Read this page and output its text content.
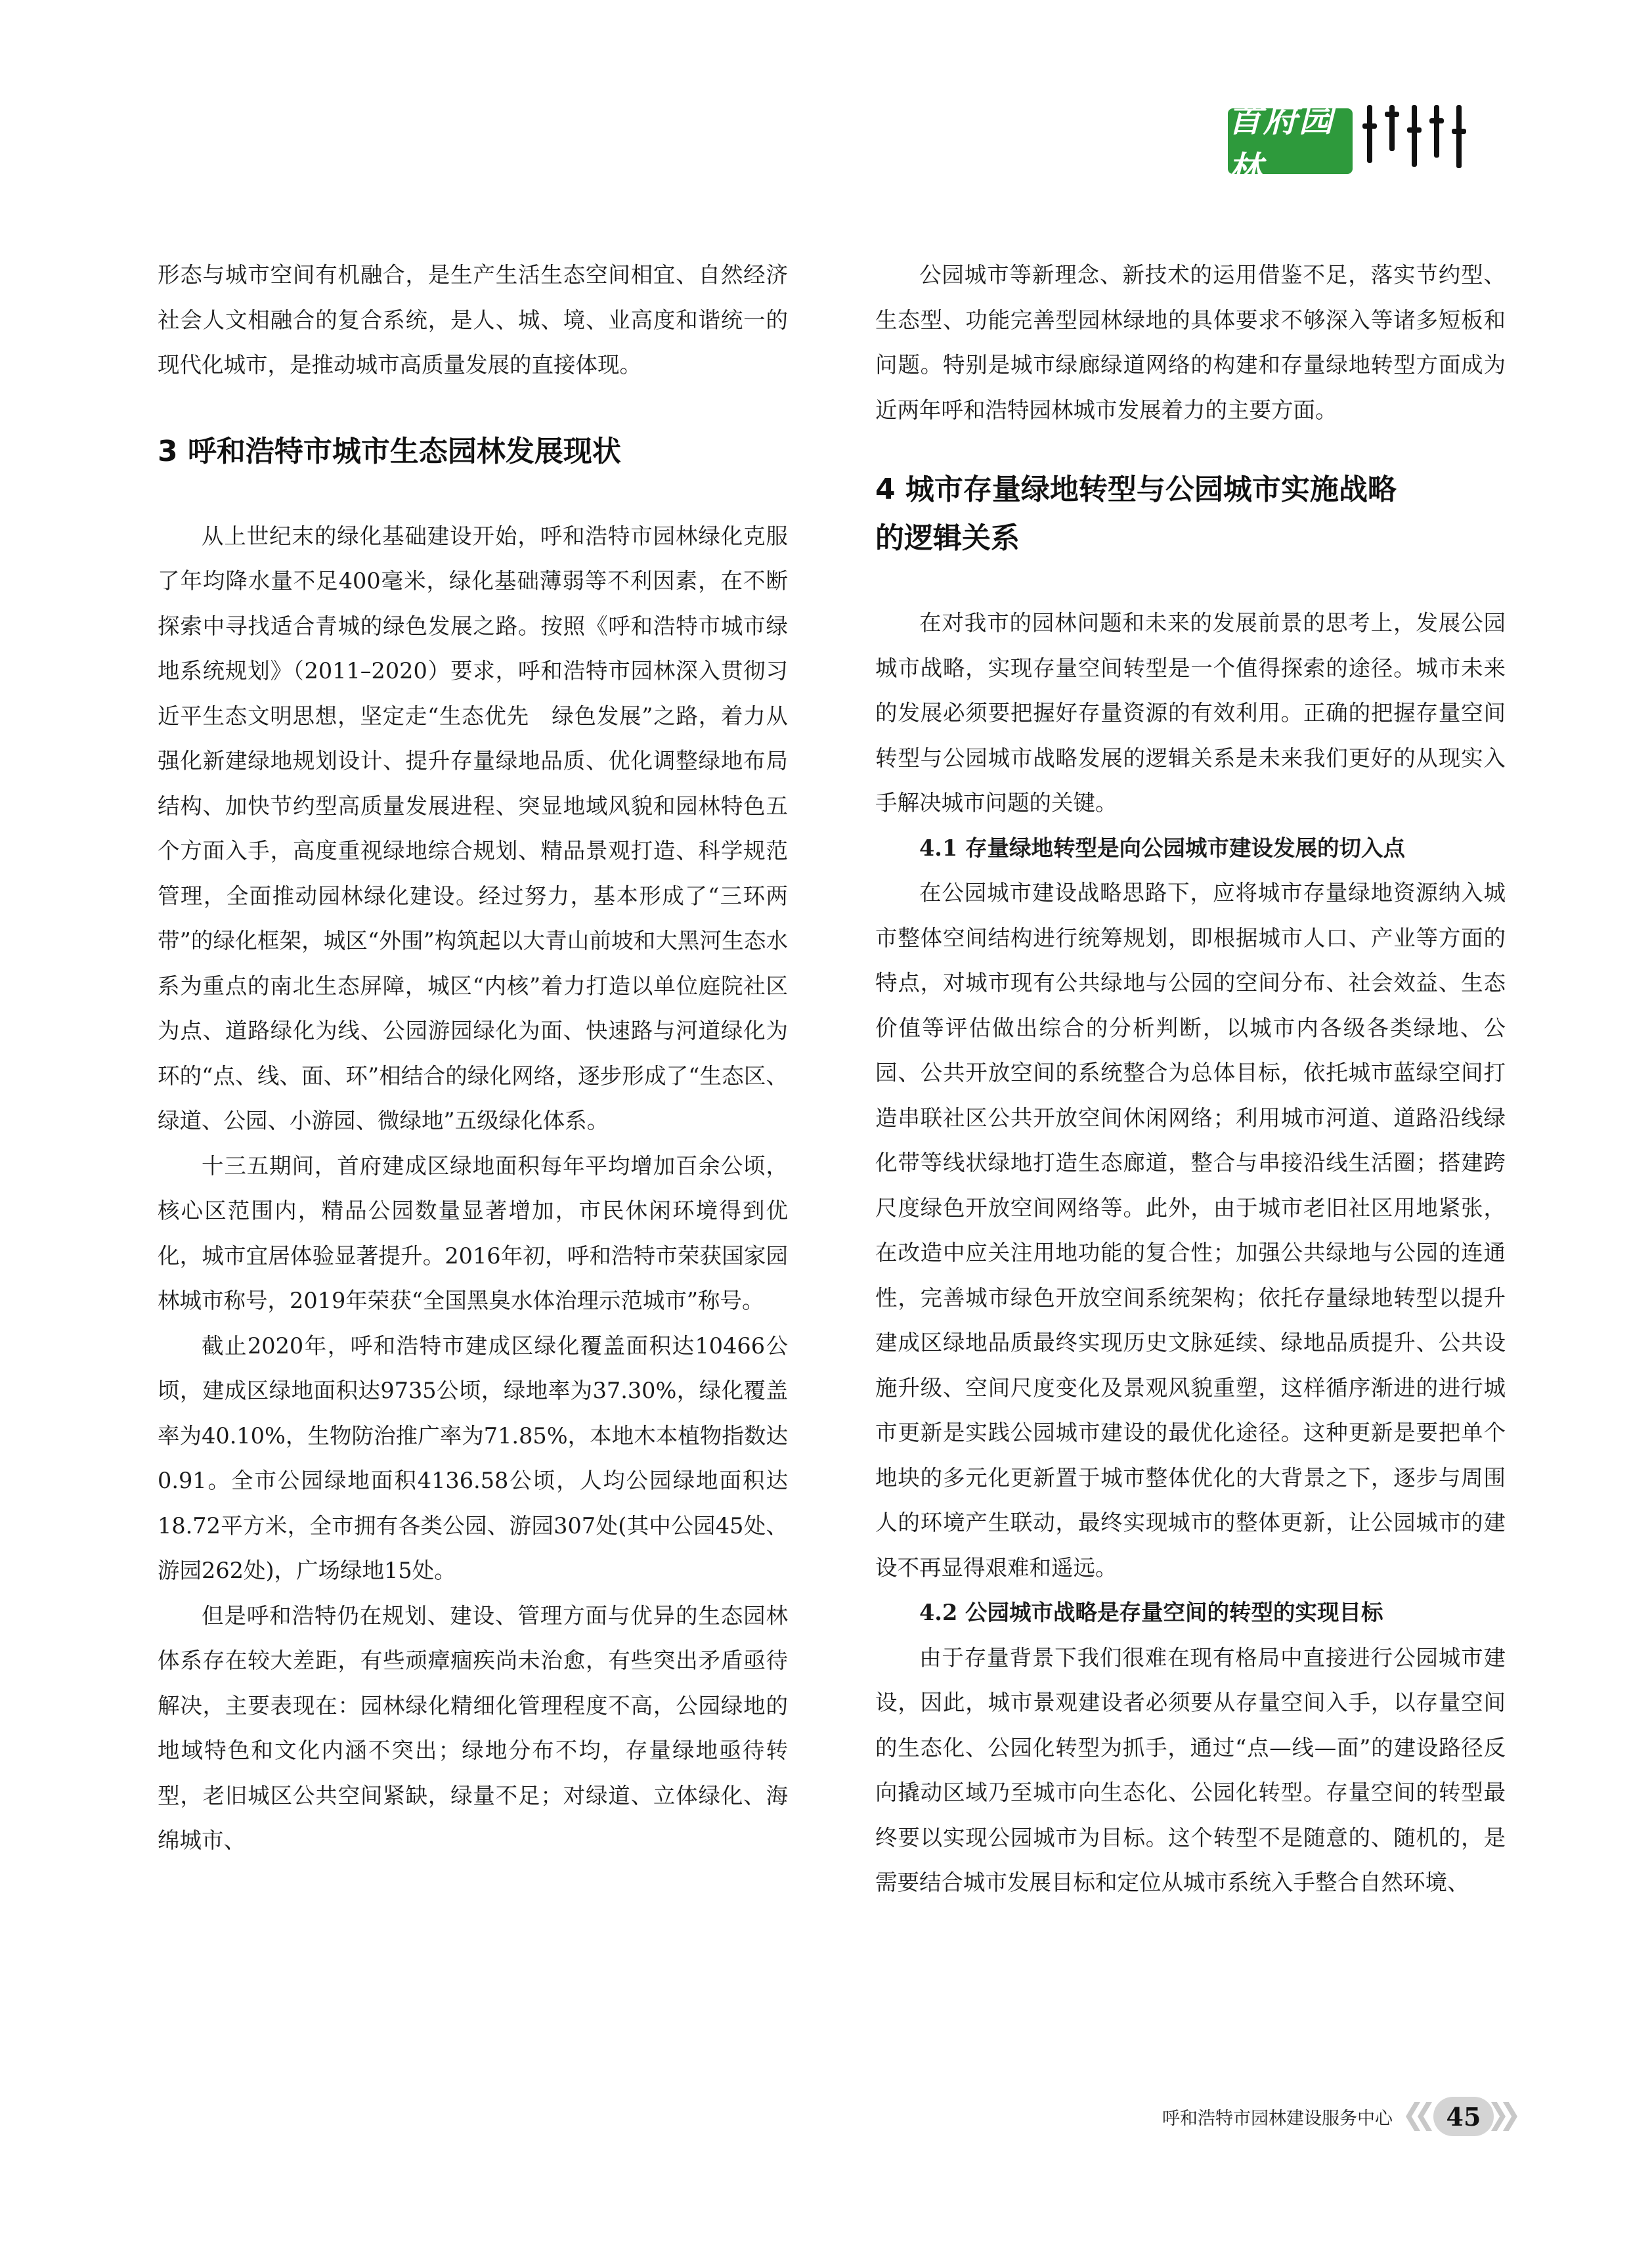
首府园林

形态与城市空间有机融合，是生产生活生态空间相宜、自然经济社会人文相融合的复合系统，是人、城、境、业高度和谐统一的现代化城市，是推动城市高质量发展的直接体现。

3 呼和浩特市城市生态园林发展现状

从上世纪末的绿化基础建设开始，呼和浩特市园林绿化克服了年均降水量不足400毫米，绿化基础薄弱等不利因素，在不断探索中寻找适合青城的绿色发展之路。按照《呼和浩特市城市绿地系统规划》（2011–2020）要求，呼和浩特市园林深入贯彻习近平生态文明思想，坚定走“生态优先　绿色发展”之路，着力从强化新建绿地规划设计、提升存量绿地品质、优化调整绿地布局结构、加快节约型高质量发展进程、突显地域风貌和园林特色五个方面入手，高度重视绿地综合规划、精品景观打造、科学规范管理，全面推动园林绿化建设。经过努力，基本形成了“三环两带”的绿化框架，城区“外围”构筑起以大青山前坡和大黑河生态水系为重点的南北生态屏障，城区“内核”着力打造以单位庭院社区为点、道路绿化为线、公园游园绿化为面、快速路与河道绿化为环的“点、线、面、环”相结合的绿化网络，逐步形成了“生态区、绿道、公园、小游园、微绿地”五级绿化体系。

十三五期间，首府建成区绿地面积每年平均增加百余公顷，核心区范围内，精品公园数量显著增加，市民休闲环境得到优化，城市宜居体验显著提升。2016年初，呼和浩特市荣获国家园林城市称号，2019年荣获“全国黑臭水体治理示范城市”称号。

截止2020年，呼和浩特市建成区绿化覆盖面积达10466公顷，建成区绿地面积达9735公顷，绿地率为37.30%，绿化覆盖率为40.10%，生物防治推广率为71.85%，本地木本植物指数达0.91。全市公园绿地面积4136.58公顷，人均公园绿地面积达18.72平方米，全市拥有各类公园、游园307处(其中公园45处、游园262处)，广场绿地15处。

但是呼和浩特仍在规划、建设、管理方面与优异的生态园林体系存在较大差距，有些顽瘴痼疾尚未治愈，有些突出矛盾亟待解决，主要表现在：园林绿化精细化管理程度不高，公园绿地的地域特色和文化内涵不突出；绿地分布不均，存量绿地亟待转型，老旧城区公共空间紧缺，绿量不足；对绿道、立体绿化、海绵城市、

公园城市等新理念、新技术的运用借鉴不足，落实节约型、生态型、功能完善型园林绿地的具体要求不够深入等诸多短板和问题。特别是城市绿廊绿道网络的构建和存量绿地转型方面成为近两年呼和浩特园林城市发展着力的主要方面。

4 城市存量绿地转型与公园城市实施战略
的逻辑关系

在对我市的园林问题和未来的发展前景的思考上，发展公园城市战略，实现存量空间转型是一个值得探索的途径。城市未来的发展必须要把握好存量资源的有效利用。正确的把握存量空间转型与公园城市战略发展的逻辑关系是未来我们更好的从现实入手解决城市问题的关键。

4.1 存量绿地转型是向公园城市建设发展的切入点

在公园城市建设战略思路下，应将城市存量绿地资源纳入城市整体空间结构进行统筹规划，即根据城市人口、产业等方面的特点，对城市现有公共绿地与公园的空间分布、社会效益、生态价值等评估做出综合的分析判断，以城市内各级各类绿地、公园、公共开放空间的系统整合为总体目标，依托城市蓝绿空间打造串联社区公共开放空间休闲网络；利用城市河道、道路沿线绿化带等线状绿地打造生态廊道，整合与串接沿线生活圈；搭建跨尺度绿色开放空间网络等。此外，由于城市老旧社区用地紧张，在改造中应关注用地功能的复合性；加强公共绿地与公园的连通性，完善城市绿色开放空间系统架构；依托存量绿地转型以提升建成区绿地品质最终实现历史文脉延续、绿地品质提升、公共设施升级、空间尺度变化及景观风貌重塑，这样循序渐进的进行城市更新是实践公园城市建设的最优化途径。这种更新是要把单个地块的多元化更新置于城市整体优化的大背景之下，逐步与周围人的环境产生联动，最终实现城市的整体更新，让公园城市的建设不再显得艰难和遥远。

4.2 公园城市战略是存量空间的转型的实现目标

由于存量背景下我们很难在现有格局中直接进行公园城市建设，因此，城市景观建设者必须要从存量空间入手，以存量空间的生态化、公园化转型为抓手，通过“点—线—面”的建设路径反向撬动区域乃至城市向生态化、公园化转型。存量空间的转型最终要以实现公园城市为目标。这个转型不是随意的、随机的，是需要结合城市发展目标和定位从城市系统入手整合自然环境、

呼和浩特市园林建设服务中心 45
